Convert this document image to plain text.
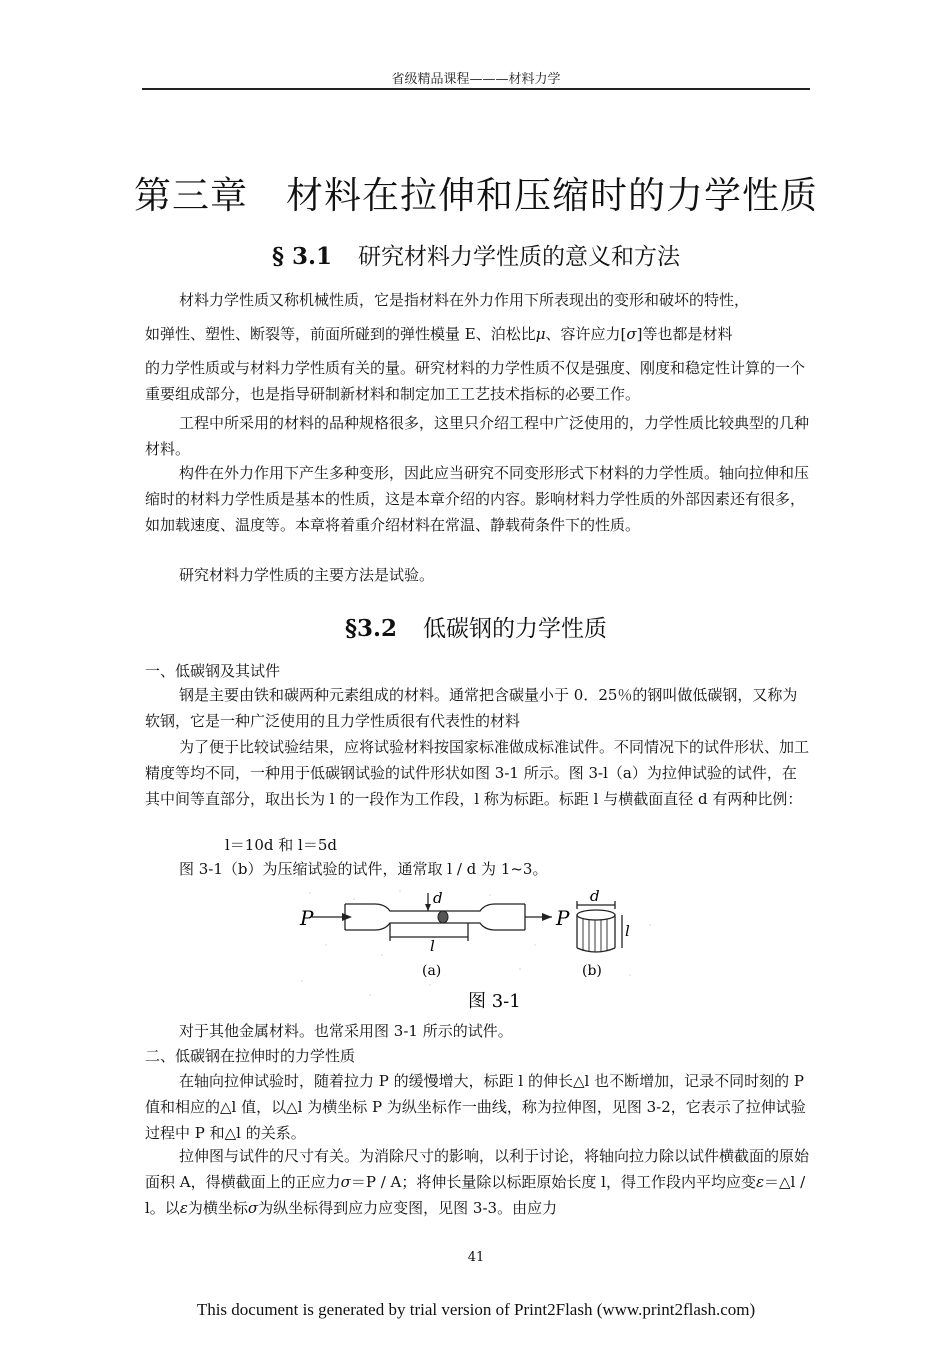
省级精品课程———材料力学
第三章　材料在拉伸和压缩时的力学性质
§ 3.1 研究材料力学性质的意义和方法

材料力学性质又称机械性质，它是指材料在外力作用下所表现出的变形和破坏的特性，
如弹性、塑性、断裂等，前面所碰到的弹性模量 E、泊松比μ、容许应力[σ]等也都是材料
的力学性质或与材料力学性质有关的量。研究材料的力学性质不仅是强度、刚度和稳定性计算的一个重要组成部分，也是指导研制新材料和制定加工工艺技术指标的必要工作。

工程中所采用的材料的品种规格很多，这里只介绍工程中广泛使用的，力学性质比较典型的几种材料。

构件在外力作用下产生多种变形，因此应当研究不同变形形式下材料的力学性质。轴向拉伸和压缩时的材料力学性质是基本的性质，这是本章介绍的内容。影响材料力学性质的外部因素还有很多，如加载速度、温度等。本章将着重介绍材料在常温、静载荷条件下的性质。

研究材料力学性质的主要方法是试验。

§3.2 低碳钢的力学性质

一、低碳钢及其试件

钢是主要由铁和碳两种元素组成的材料。通常把含碳量小于 0．25％的钢叫做低碳钢，又称为软钢，它是一种广泛使用的且力学性质很有代表性的材料

为了便于比较试验结果，应将试验材料按国家标准做成标准试件。不同情况下的试件形状、加工精度等均不同，一种用于低碳钢试验的试件形状如图 3-1 所示。图 3-l（a）为拉伸试验的试件，在其中间等直部分，取出长为 l 的一段作为工作段，l 称为标距。标距 l 与横截面直径 d 有两种比例：

l＝10d 和 l＝5d

图 3-1（b）为压缩试验的试件，通常取 l / d 为 1~3。

P	P
d
l
(a)
d
l
(b)
图 3-1

对于其他金属材料。也常采用图 3-1 所示的试件。

二、低碳钢在拉伸时的力学性质

在轴向拉伸试验时，随着拉力 P 的缓慢增大，标距 l 的伸长△l 也不断增加，记录不同时刻的 P 值和相应的△l 值，以△l 为横坐标 P 为纵坐标作一曲线，称为拉伸图，见图 3-2，它表示了拉伸试验过程中 P 和△l 的关系。

拉伸图与试件的尺寸有关。为消除尺寸的影响，以利于讨论，将轴向拉力除以试件横截面的原始面积 A，得横截面上的正应力σ＝P / A；将伸长量除以标距原始长度 l，得工作段内平均应变ε＝△l / l。以ε为横坐标σ为纵坐标得到应力应变图，见图 3-3。由应力

41
This document is generated by trial version of Print2Flash (www.print2flash.com)
